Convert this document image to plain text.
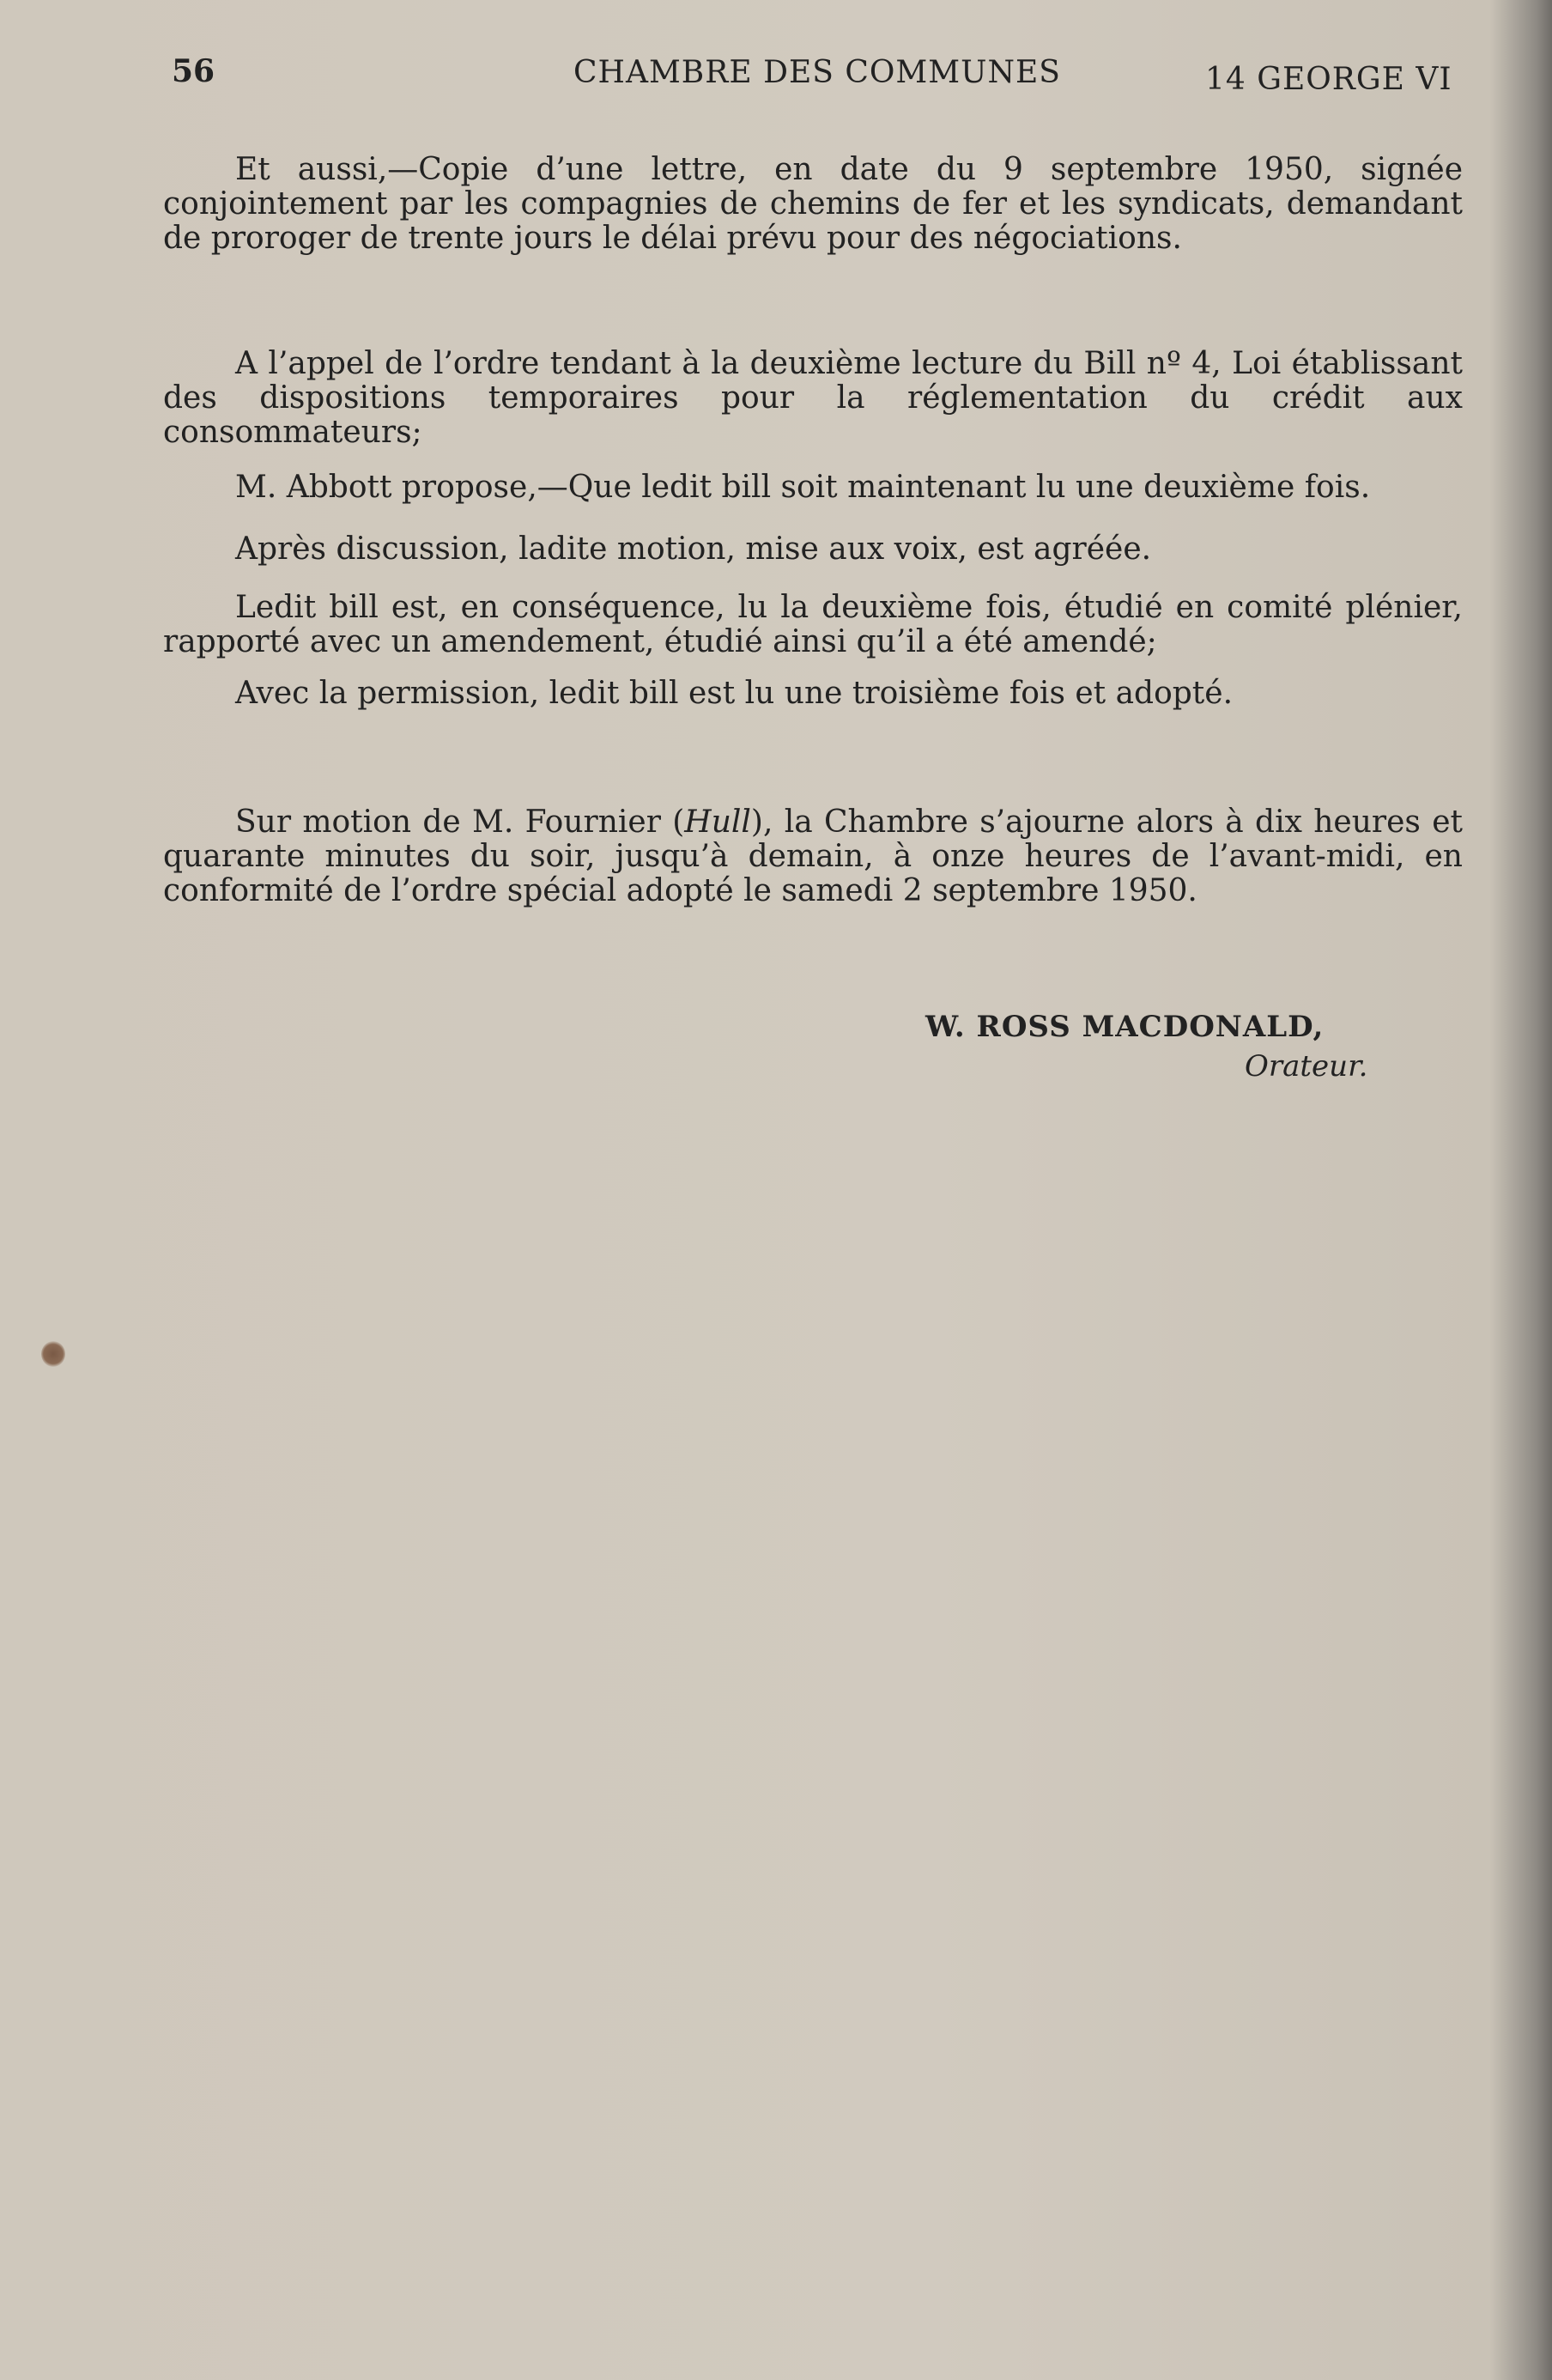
56	CHAMBRE DES COMMUNES	14 GEORGE VI

Et aussi,—Copie d’une lettre, en date du 9 septembre 1950, signée conjointement par les compagnies de chemins de fer et les syndicats, demandant de proroger de trente jours le délai prévu pour des négociations.

A l’appel de l’ordre tendant à la deuxième lecture du Bill nº 4, Loi établissant des dispositions temporaires pour la réglementation du crédit aux consommateurs;

M. Abbott propose,—Que ledit bill soit maintenant lu une deuxième fois.

Après discussion, ladite motion, mise aux voix, est agréée.

Ledit bill est, en conséquence, lu la deuxième fois, étudié en comité plénier, rapporté avec un amendement, étudié ainsi qu’il a été amendé;

Avec la permission, ledit bill est lu une troisième fois et adopté.

Sur motion de M. Fournier (Hull), la Chambre s’ajourne alors à dix heures et quarante minutes du soir, jusqu’à demain, à onze heures de l’avant-midi, en conformité de l’ordre spécial adopté le samedi 2 septembre 1950.

W. ROSS MACDONALD,
Orateur.
